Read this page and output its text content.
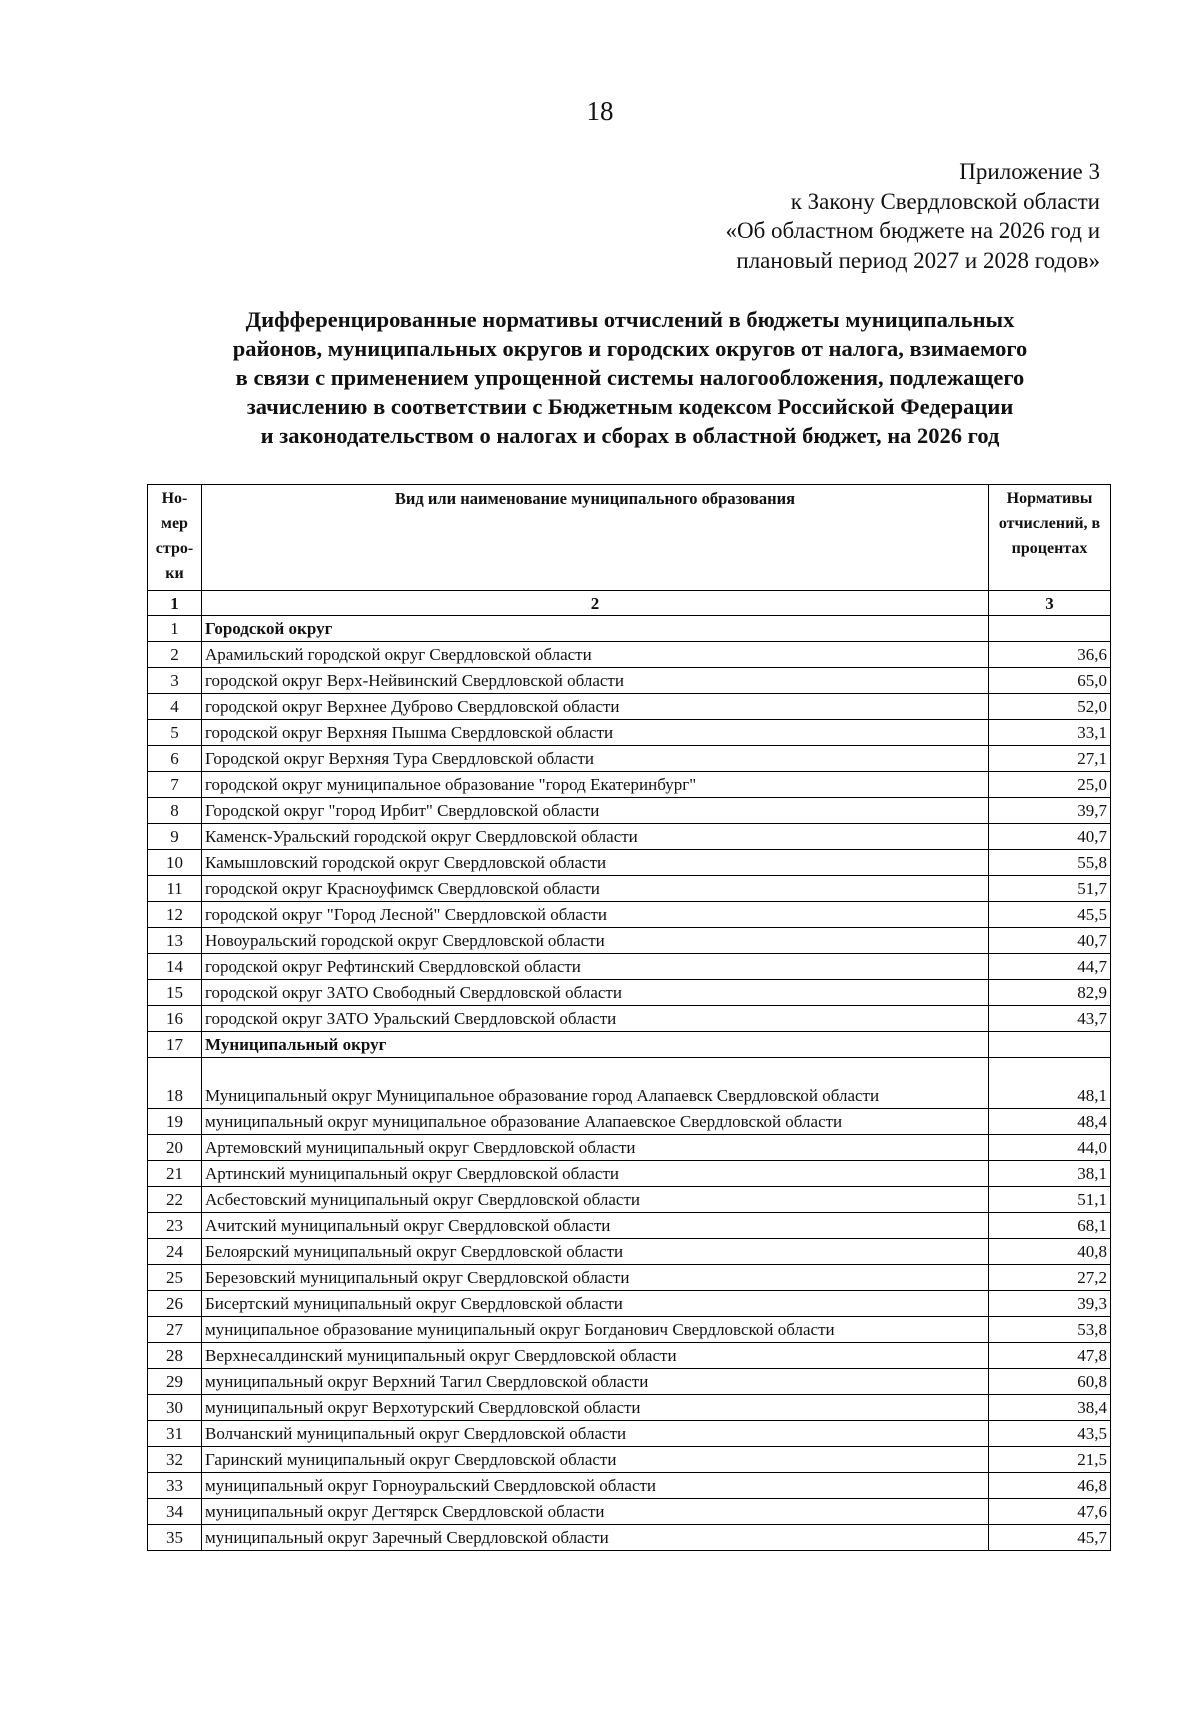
18
Приложение 3
к Закону Свердловской области
«Об областном бюджете на 2026 год и
плановый период 2027 и 2028 годов»
Дифференцированные нормативы отчислений в бюджеты муниципальных
районов, муниципальных округов и городских округов от налога, взимаемого
в связи с применением упрощенной системы налогообложения, подлежащего
зачислению в соответствии с Бюджетным кодексом Российской Федерации
и законодательством о налогах и сборах в областной бюджет, на 2026 год
Но-мер стро-ки	Вид или наименование муниципального образования	Нормативы отчислений, в процентах
1	2	3
1	Городской округ	
2	Арамильский городской округ Свердловской области	36,6
3	городской округ Верх-Нейвинский Свердловской области	65,0
4	городской округ Верхнее Дуброво Свердловской области	52,0
5	городской округ Верхняя Пышма Свердловской области	33,1
6	Городской округ Верхняя Тура Свердловской области	27,1
7	городской округ муниципальное образование "город Екатеринбург"	25,0
8	Городской округ "город Ирбит" Свердловской области	39,7
9	Каменск-Уральский городской округ Свердловской области	40,7
10	Камышловский городской округ Свердловской области	55,8
11	городской округ Красноуфимск Свердловской области	51,7
12	городской округ "Город Лесной" Свердловской области	45,5
13	Новоуральский городской округ Свердловской области	40,7
14	городской округ Рефтинский Свердловской области	44,7
15	городской округ ЗАТО Свободный Свердловской области	82,9
16	городской округ ЗАТО Уральский Свердловской области	43,7
17	Муниципальный округ	
18	Муниципальный округ Муниципальное образование город Алапаевск Свердловской области	48,1
19	муниципальный округ муниципальное образование Алапаевское Свердловской области	48,4
20	Артемовский муниципальный округ Свердловской области	44,0
21	Артинский муниципальный округ Свердловской области	38,1
22	Асбестовский муниципальный округ Свердловской области	51,1
23	Ачитский муниципальный округ Свердловской области	68,1
24	Белоярский муниципальный округ Свердловской области	40,8
25	Березовский муниципальный округ Свердловской области	27,2
26	Бисертский муниципальный округ Свердловской области	39,3
27	муниципальное образование муниципальный округ Богданович Свердловской области	53,8
28	Верхнесалдинский муниципальный округ Свердловской области	47,8
29	муниципальный округ Верхний Тагил Свердловской области	60,8
30	муниципальный округ Верхотурский Свердловской области	38,4
31	Волчанский муниципальный округ Свердловской области	43,5
32	Гаринский муниципальный округ Свердловской области	21,5
33	муниципальный округ Горноуральский Свердловской области	46,8
34	муниципальный округ Дегтярск Свердловской области	47,6
35	муниципальный округ Заречный Свердловской области	45,7
